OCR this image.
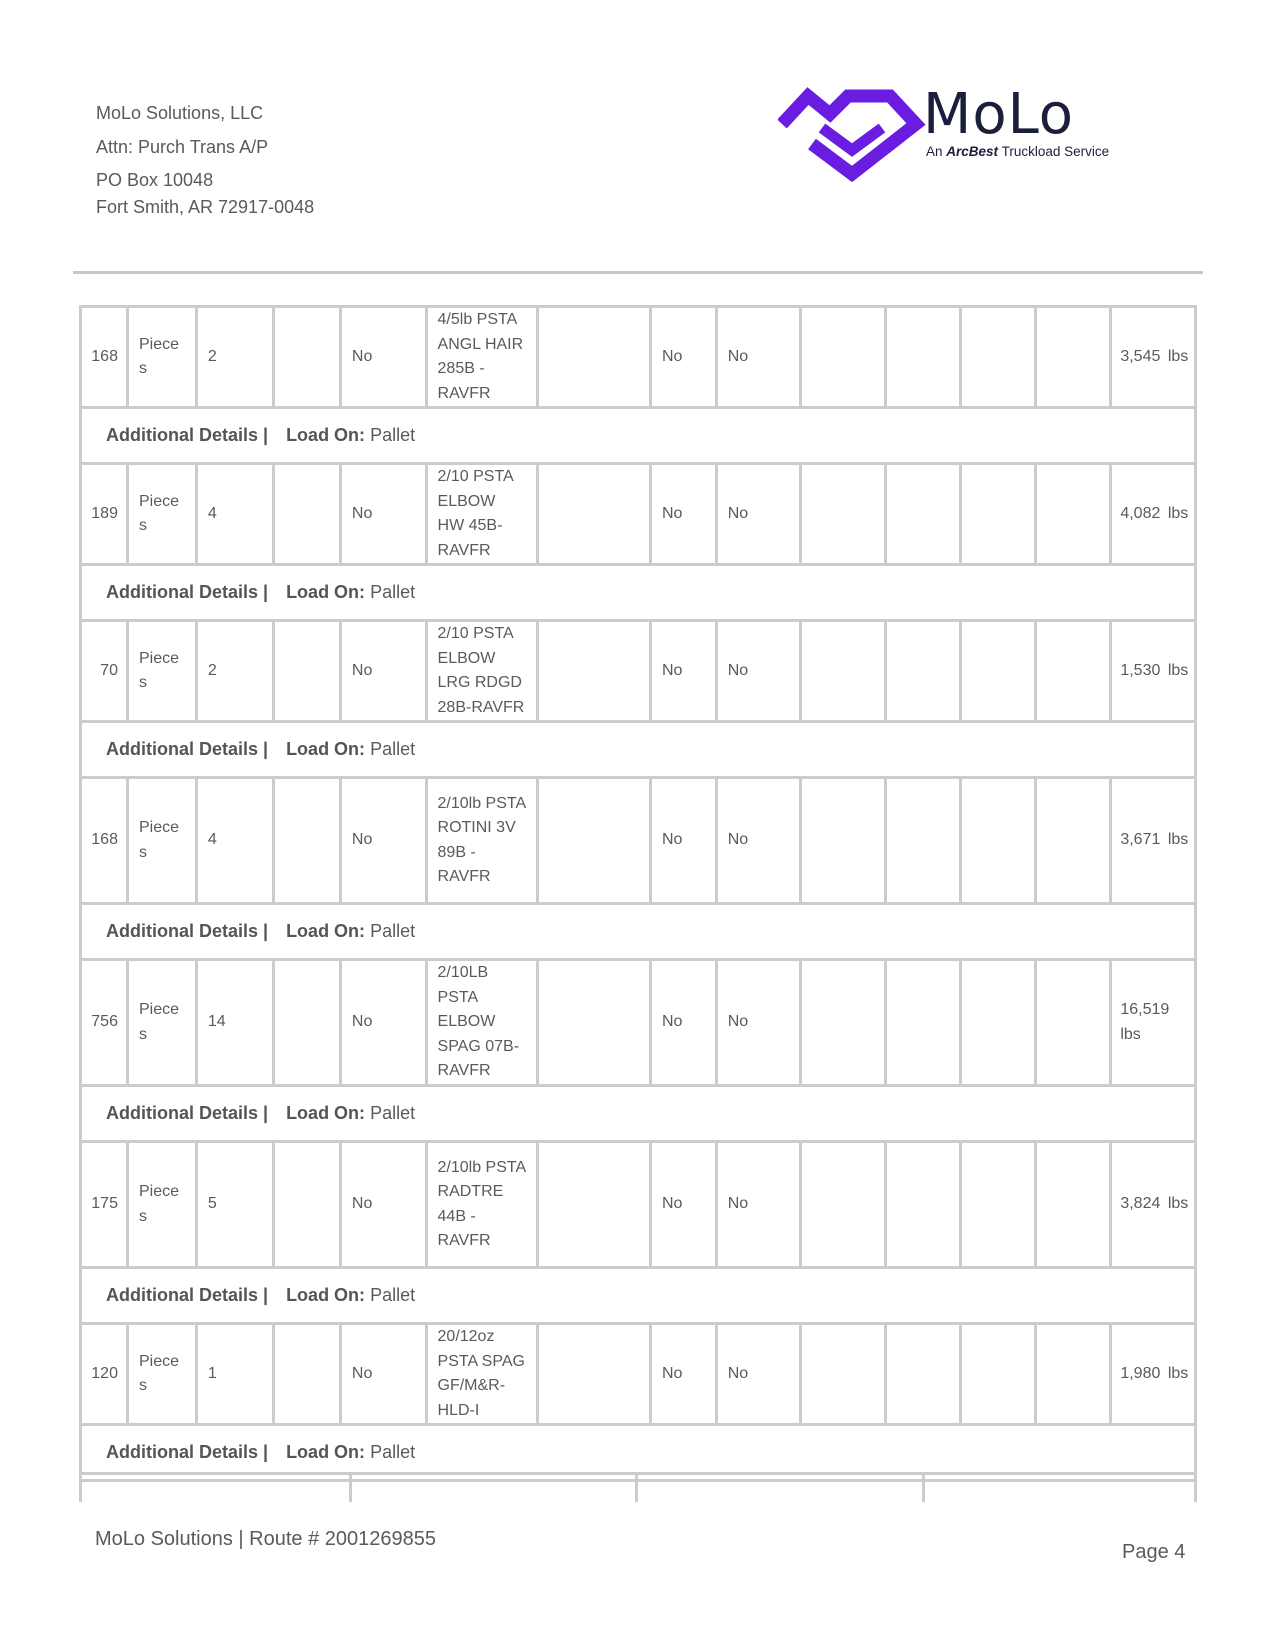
MoLo Solutions, LLC
Attn: Purch Trans A/P
PO Box 10048
Fort Smith, AR 72917-0048
MoLo
An ArcBest Truckload Service
168	Pieces	2		No	4/5lb PSTA ANGL HAIR 285B - RAVFR		No	No					3,545 lbs
Additional Details | Load On: Pallet													
189	Pieces	4		No	2/10 PSTA ELBOW HW 45B-RAVFR		No	No					4,082 lbs
Additional Details | Load On: Pallet													
70	Pieces	2		No	2/10 PSTA ELBOW LRG RDGD 28B-RAVFR		No	No					1,530 lbs
Additional Details | Load On: Pallet													
168	Pieces	4		No	2/10lb PSTA ROTINI 3V 89B - RAVFR		No	No					3,671 lbs
Additional Details | Load On: Pallet													
756	Pieces	14		No	2/10LB PSTA ELBOW SPAG 07B-RAVFR		No	No					16,519 lbs
Additional Details | Load On: Pallet													
175	Pieces	5		No	2/10lb PSTA RADTRE 44B - RAVFR		No	No					3,824 lbs
Additional Details | Load On: Pallet													
120	Pieces	1		No	20/12oz PSTA SPAG GF/M&R-HLD-I		No	No					1,980 lbs
Additional Details | Load On: Pallet													
MoLo Solutions | Route # 2001269855
Page 4
